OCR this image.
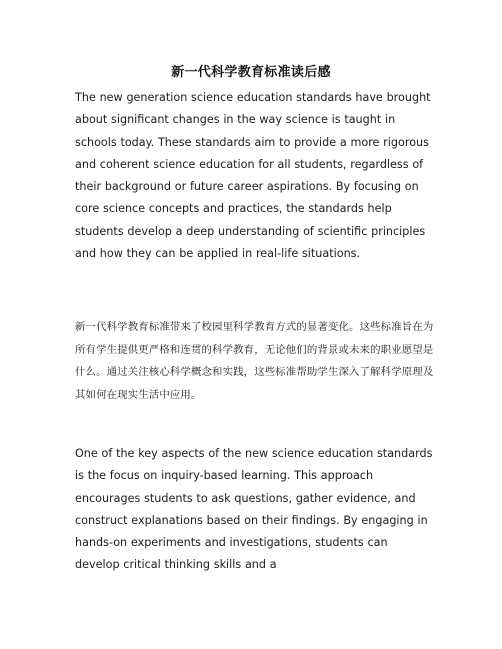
新一代科学教育标准读后感

The new generation science education standards have brought about significant changes in the way science is taught in schools today. These standards aim to provide a more rigorous and coherent science education for all students, regardless of their background or future career aspirations. By focusing on core science concepts and practices, the standards help students develop a deep understanding of scientific principles and how they can be applied in real-life situations.

新一代科学教育标准带来了校园里科学教育方式的显著变化。这些标准旨在为所有学生提供更严格和连贯的科学教育，无论他们的背景或未来的职业愿望是什么。通过关注核心科学概念和实践，这些标准帮助学生深入了解科学原理及其如何在现实生活中应用。

One of the key aspects of the new science education standards is the focus on inquiry-based learning. This approach encourages students to ask questions, gather evidence, and construct explanations based on their findings. By engaging in hands-on experiments and investigations, students can develop critical thinking skills and a
